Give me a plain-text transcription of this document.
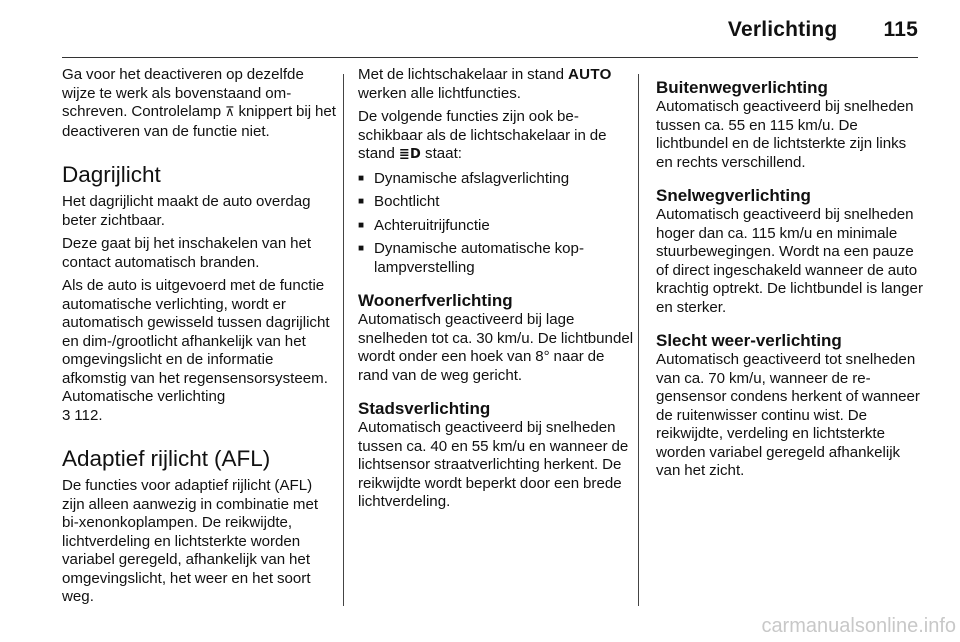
Verlichting 115

Ga voor het deactiveren op dezelfde wijze te werk als bovenstaand omschreven. Controlelamp ⊼ knippert bij het deactiveren van de functie niet.

Dagrijlicht

Het dagrijlicht maakt de auto overdag beter zichtbaar.

Deze gaat bij het inschakelen van het contact automatisch branden.

Als de auto is uitgevoerd met de functie automatische verlichting, wordt er automatisch gewisseld tussen dagrijlicht en dim-/grootlicht afhankelijk van het omgevingslicht en de informatie afkomstig van het regensensorsysteem. Automatische verlichting
3 112.

Adaptief rijlicht (AFL)

De functies voor adaptief rijlicht (AFL) zijn alleen aanwezig in combinatie met bi-xenonkoplampen. De reikwijdte, lichtverdeling en lichtsterkte worden variabel geregeld, afhankelijk van het omgevingslicht, het weer en het soort weg.

Met de lichtschakelaar in stand AUTO werken alle lichtfuncties.

De volgende functies zijn ook beschikbaar als de lichtschakelaar in de stand ≣D staat:

■ Dynamische afslagverlichting
■ Bochtlicht
■ Achteruitrijfunctie
■ Dynamische automatische koplampverstelling
Woonerfverlichting

Automatisch geactiveerd bij lage snelheden tot ca. 30 km/u. De lichtbundel wordt onder een hoek van 8° naar de rand van de weg gericht.

Stadsverlichting

Automatisch geactiveerd bij snelheden tussen ca. 40 en 55 km/u en wanneer de lichtsensor straatverlichting herkent. De reikwijdte wordt beperkt door een brede lichtverdeling.

Buitenwegverlichting

Automatisch geactiveerd bij snelheden tussen ca. 55 en 115 km/u. De lichtbundel en de lichtsterkte zijn links en rechts verschillend.

Snelwegverlichting

Automatisch geactiveerd bij snelheden hoger dan ca. 115 km/u en minimale stuurbewegingen. Wordt na een pauze of direct ingeschakeld wanneer de auto krachtig optrekt. De lichtbundel is langer en sterker.

Slecht weer-verlichting

Automatisch geactiveerd tot snelheden van ca. 70 km/u, wanneer de regensensor condens herkent of wanneer de ruitenwisser continu wist. De reikwijdte, verdeling en lichtsterkte worden variabel geregeld afhankelijk van het zicht.

carmanualsonline.info
